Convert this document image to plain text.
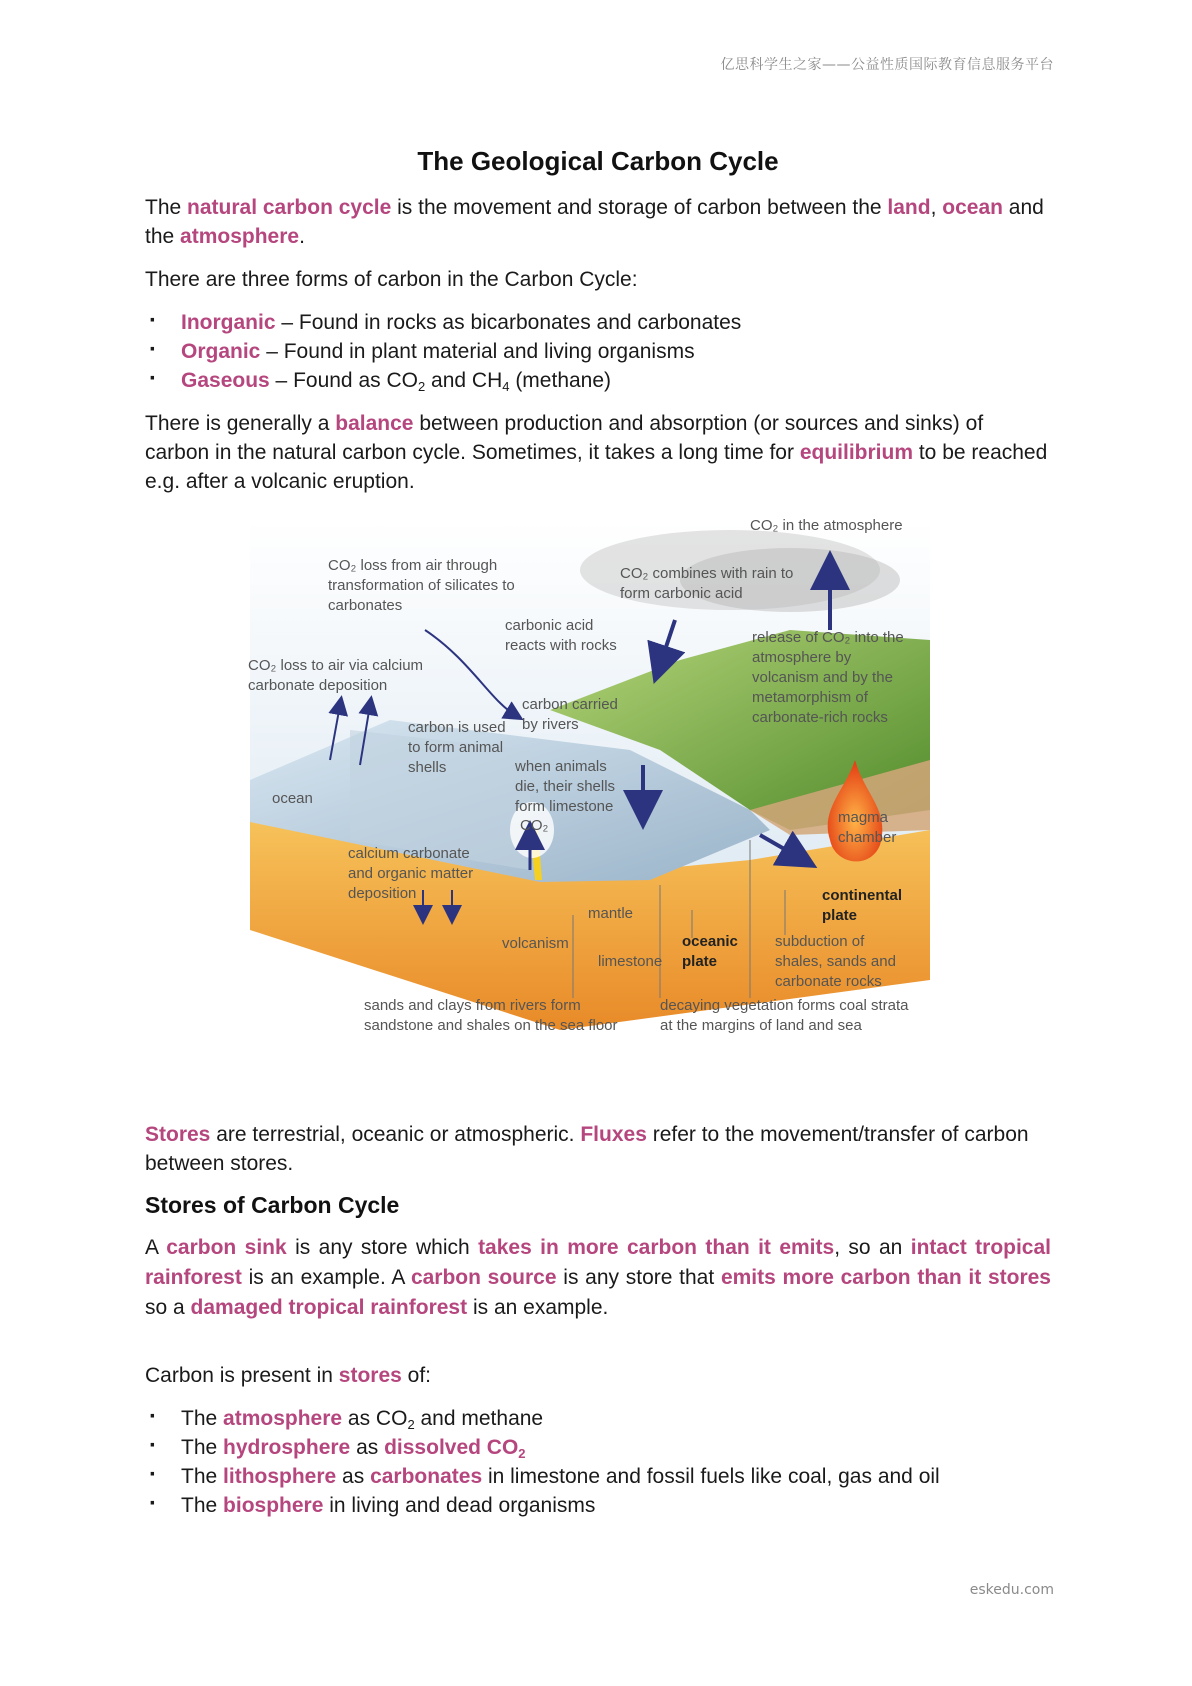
亿思科学生之家——公益性质国际教育信息服务平台
The Geological Carbon Cycle

The natural carbon cycle is the movement and storage of carbon between the land, ocean and the atmosphere.

There are three forms of carbon in the Carbon Cycle:

· Inorganic – Found in rocks as bicarbonates and carbonates
· Organic – Found in plant material and living organisms
· Gaseous – Found as $CO_2$ and $CH_4$ (methane)

There is generally a balance between production and absorption (or sources and sinks) of carbon in the natural carbon cycle. Sometimes, it takes a long time for equilibrium to be reached e.g. after a volcanic eruption.

CO₂ in the atmosphere
CO₂ loss from air through transformation of silicates to carbonates
CO₂ combines with rain to form carbonic acid
carbonic acid reacts with rocks
CO₂ loss to air via calcium carbonate deposition
release of CO₂ into the atmosphere by volcanism and by the metamorphism of carbonate-rich rocks
carbon carried by rivers
carbon is used to form animal shells	when animals die, their shells form limestone
ocean
CO₂	magma chamber
calcium carbonate and organic matter deposition	continental plate
mantle
volcanism	oceanic plate
subduction of shales, sands and carbonate rocks
limestone
sands and clays from rivers form sandstone and shales on the sea floor
decaying vegetation forms coal strata at the margins of land and sea

Stores are terrestrial, oceanic or atmospheric. Fluxes refer to the movement/transfer of carbon between stores.

Stores of Carbon Cycle

A carbon sink is any store which takes in more carbon than it emits, so an intact tropical rainforest is an example. A carbon source is any store that emits more carbon than it stores so a damaged tropical rainforest is an example.

Carbon is present in stores of:

· The atmosphere as $CO_2$ and methane
· The hydrosphere as dissolved $CO_2$
· The lithosphere as carbonates in limestone and fossil fuels like coal, gas and oil
· The biosphere in living and dead organisms
eskedu.com
